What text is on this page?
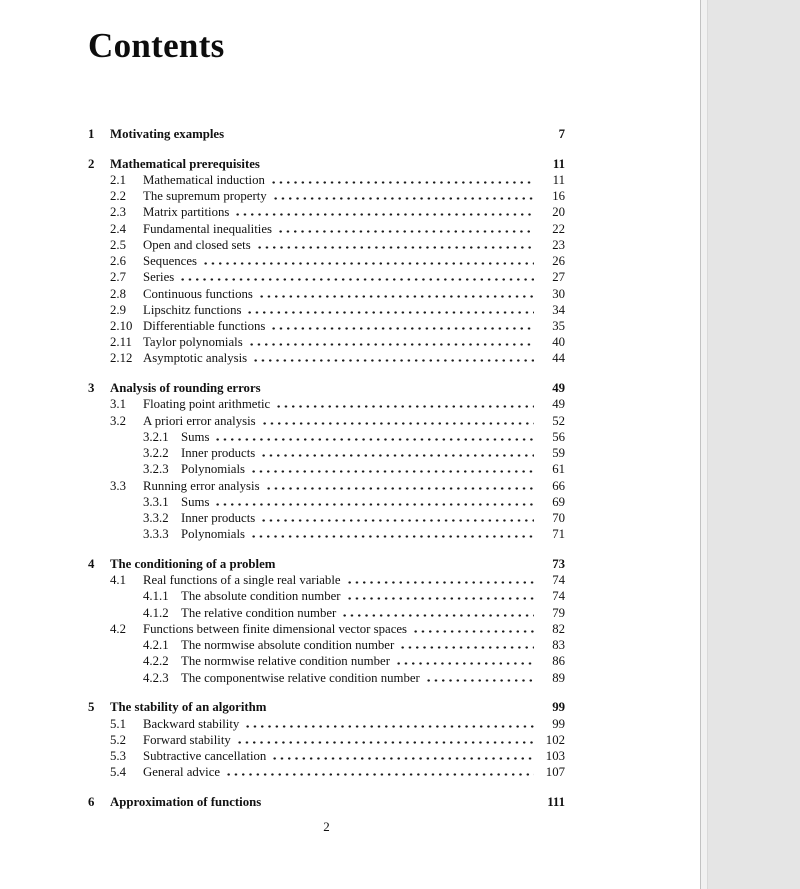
Contents
1	Motivating examples	7
2	Mathematical prerequisites	11
2.1	Mathematical induction	11
2.2	The supremum property	16
2.3	Matrix partitions	20
2.4	Fundamental inequalities	22
2.5	Open and closed sets	23
2.6	Sequences	26
2.7	Series	27
2.8	Continuous functions	30
2.9	Lipschitz functions	34
2.10 Differentiable functions	35
2.11 Taylor polynomials	40
2.12 Asymptotic analysis	44
3	Analysis of rounding errors	49
3.1	Floating point arithmetic	49
3.2	A priori error analysis	52
3.2.1 Sums	56
3.2.2 Inner products	59
3.2.3 Polynomials	61
3.3	Running error analysis	66
3.3.1 Sums	69
3.3.2 Inner products	70
3.3.3 Polynomials	71
4	The conditioning of a problem	73
4.1	Real functions of a single real variable	74
4.1.1 The absolute condition number	74
4.1.2 The relative condition number	79
4.2	Functions between finite dimensional vector spaces	82
4.2.1 The normwise absolute condition number	83
4.2.2 The normwise relative condition number	86
4.2.3 The componentwise relative condition number	89
5	The stability of an algorithm	99
5.1	Backward stability	99
5.2	Forward stability	102
5.3	Subtractive cancellation	103
5.4	General advice	107
6	Approximation of functions	111
2
